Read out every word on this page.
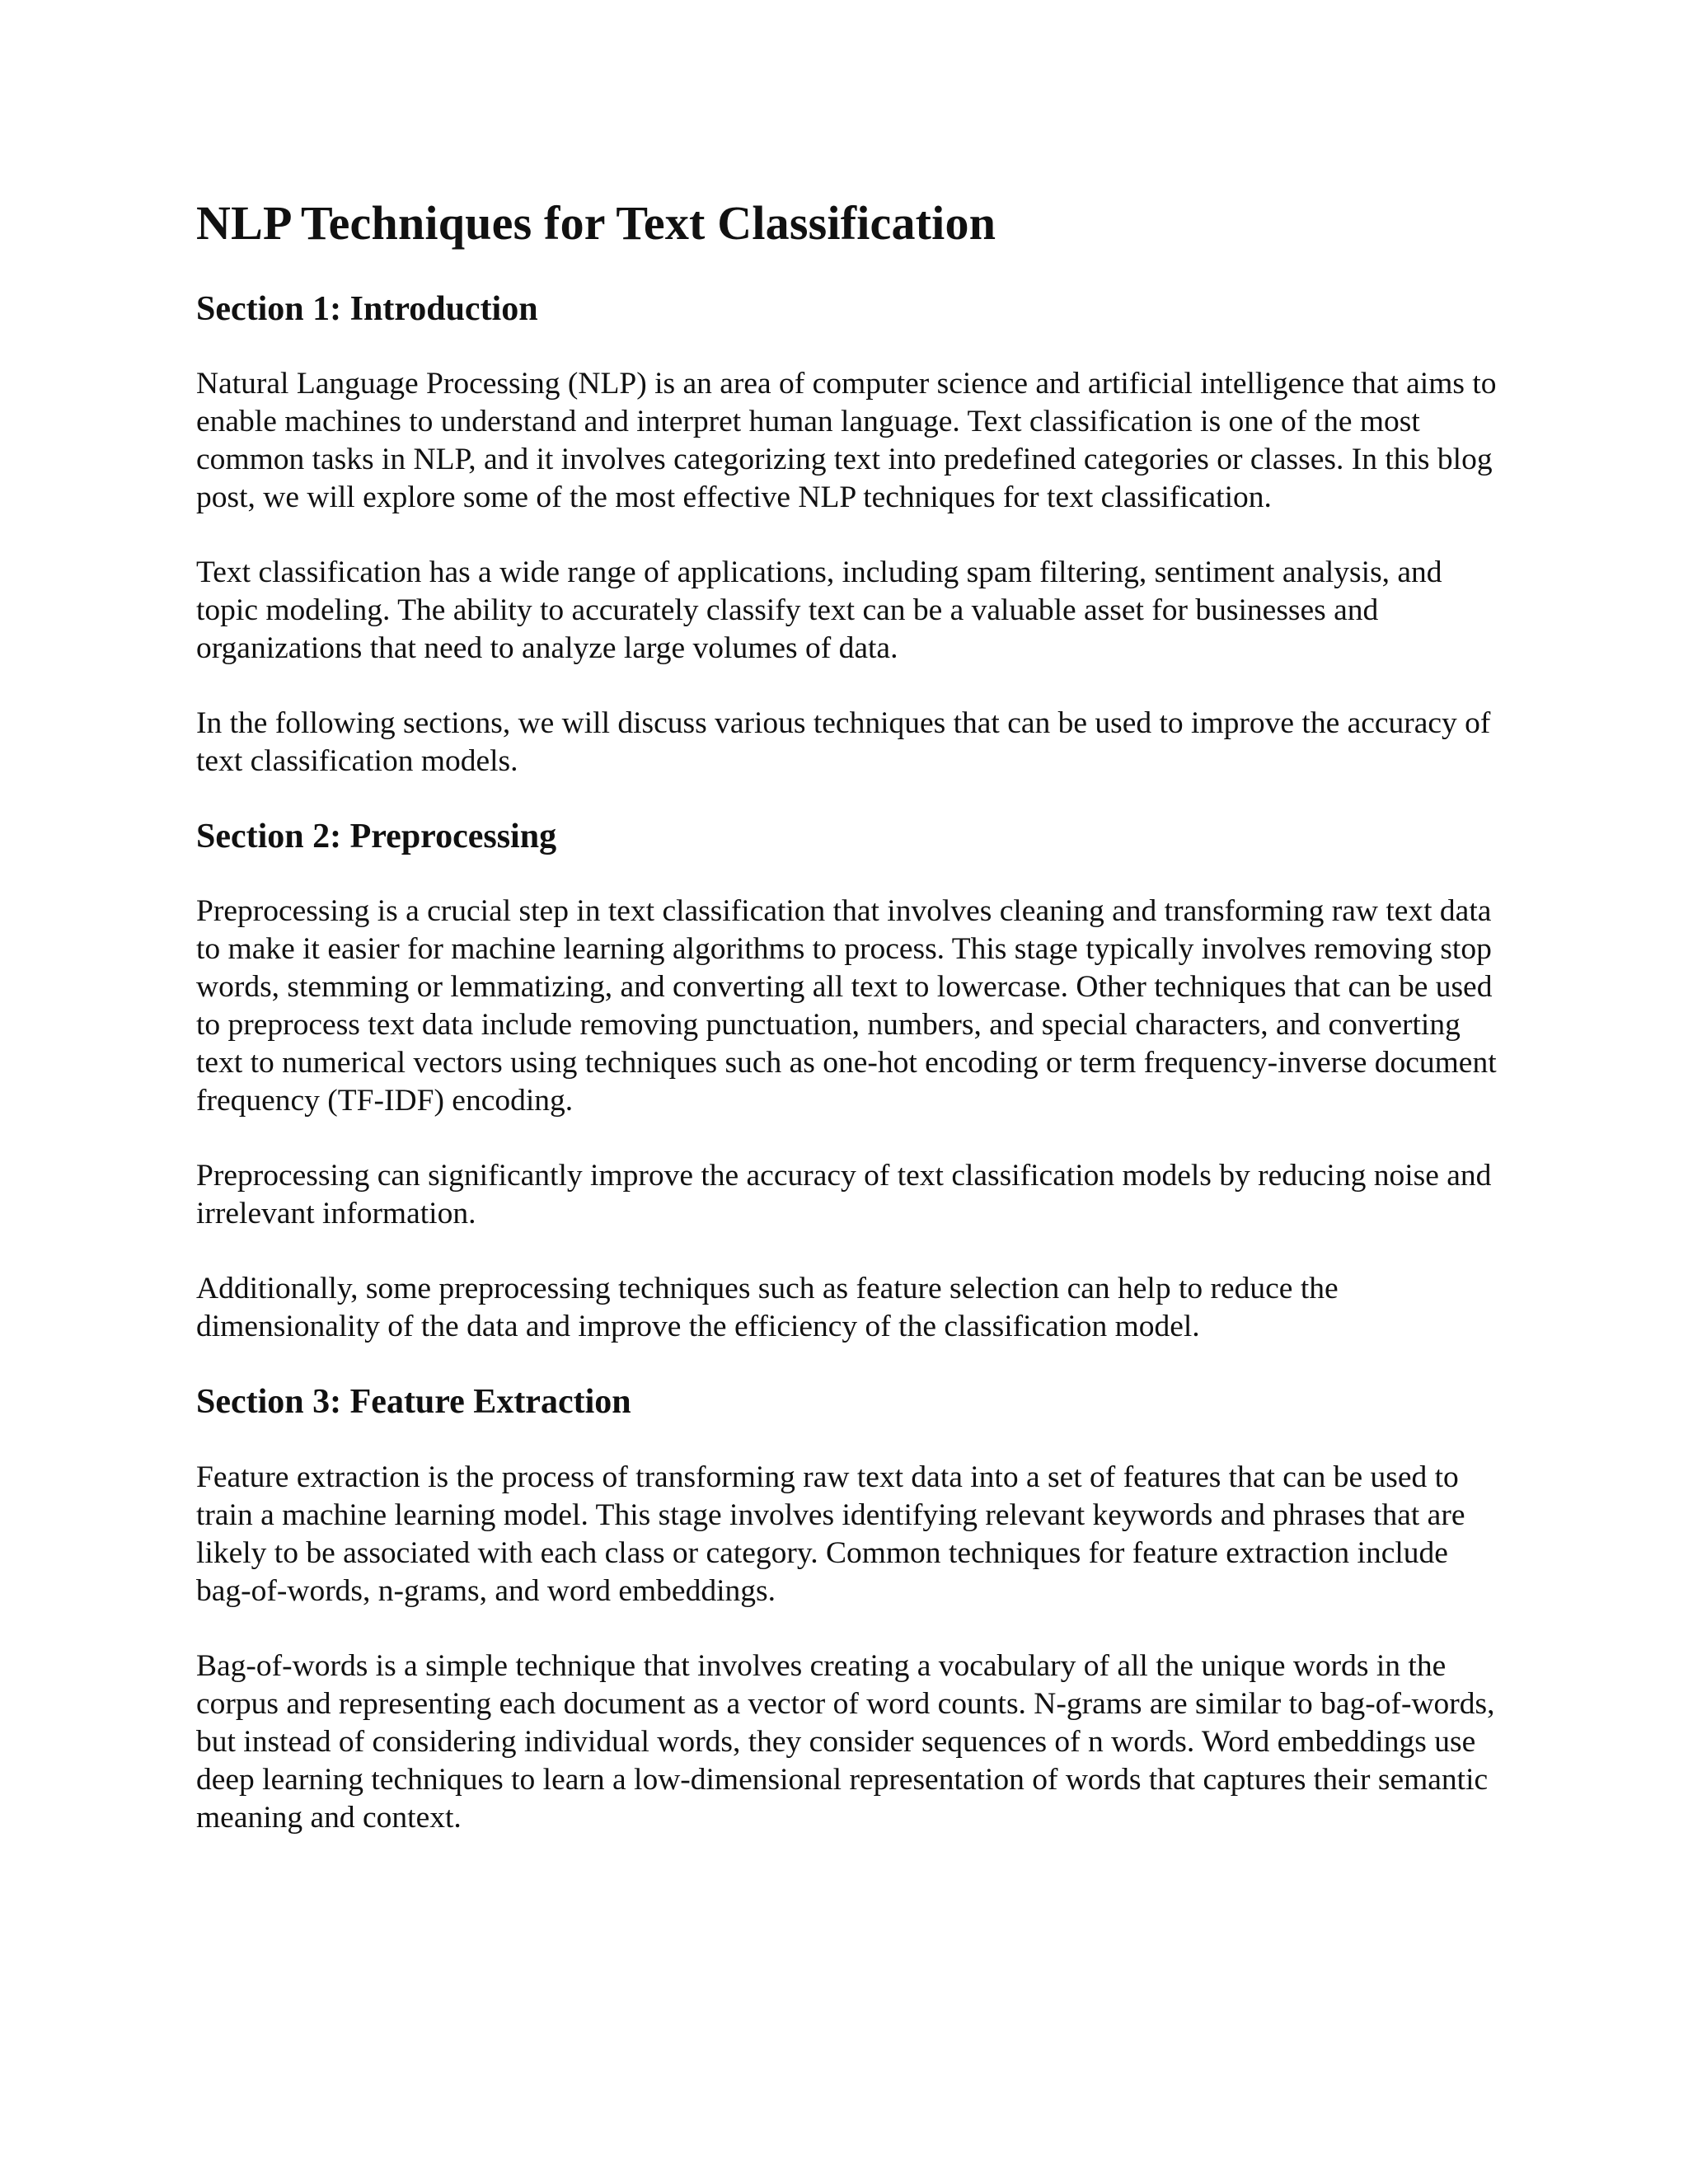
NLP Techniques for Text Classification
Section 1: Introduction

Natural Language Processing (NLP) is an area of computer science and artificial intelligence that aims to enable machines to understand and interpret human language. Text classification is one of the most common tasks in NLP, and it involves categorizing text into predefined categories or classes. In this blog post, we will explore some of the most effective NLP techniques for text classification.

Text classification has a wide range of applications, including spam filtering, sentiment analysis, and topic modeling. The ability to accurately classify text can be a valuable asset for businesses and organizations that need to analyze large volumes of data.

In the following sections, we will discuss various techniques that can be used to improve the accuracy of text classification models.

Section 2: Preprocessing

Preprocessing is a crucial step in text classification that involves cleaning and transforming raw text data to make it easier for machine learning algorithms to process. This stage typically involves removing stop words, stemming or lemmatizing, and converting all text to lowercase. Other techniques that can be used to preprocess text data include removing punctuation, numbers, and special characters, and converting text to numerical vectors using techniques such as one-hot encoding or term frequency-inverse document frequency (TF-IDF) encoding.

Preprocessing can significantly improve the accuracy of text classification models by reducing noise and irrelevant information.

Additionally, some preprocessing techniques such as feature selection can help to reduce the dimensionality of the data and improve the efficiency of the classification model.

Section 3: Feature Extraction

Feature extraction is the process of transforming raw text data into a set of features that can be used to train a machine learning model. This stage involves identifying relevant keywords and phrases that are likely to be associated with each class or category. Common techniques for feature extraction include bag-of-words, n-grams, and word embeddings.

Bag-of-words is a simple technique that involves creating a vocabulary of all the unique words in the corpus and representing each document as a vector of word counts. N-grams are similar to bag-of-words, but instead of considering individual words, they consider sequences of n words. Word embeddings use deep learning techniques to learn a low-dimensional representation of words that captures their semantic meaning and context.
